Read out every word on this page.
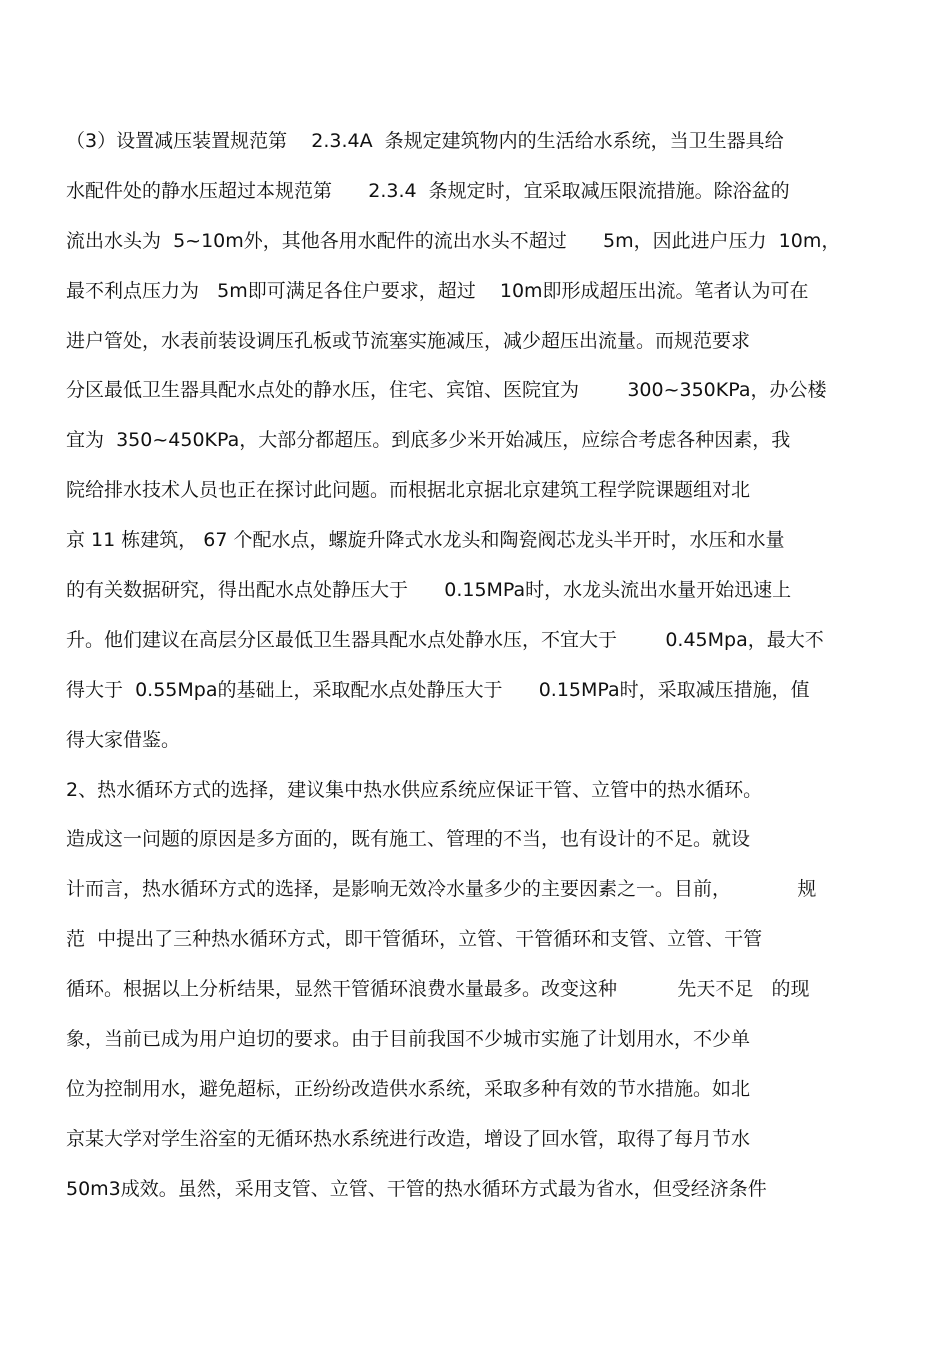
（3）设置减压装置规范第    2.3.4A  条规定建筑物内的生活给水系统，当卫生器具给
水配件处的静水压超过本规范第      2.3.4  条规定时，宜采取减压限流措施。除浴盆的
流出水头为  5~10m外，其他各用水配件的流出水头不超过      5m，因此进户压力  10m，
最不利点压力为   5m即可满足各住户要求，超过    10m即形成超压出流。笔者认为可在
进户管处，水表前装设调压孔板或节流塞实施减压，减少超压出流量。而规范要求
分区最低卫生器具配水点处的静水压，住宅、宾馆、医院宜为        300~350KPa，办公楼
宜为  350~450KPa，大部分都超压。到底多少米开始减压，应综合考虑各种因素，我
院给排水技术人员也正在探讨此问题。而根据北京据北京建筑工程学院课题组对北
京 11 栋建筑， 67 个配水点，螺旋升降式水龙头和陶瓷阀芯龙头半开时，水压和水量
的有关数据研究，得出配水点处静压大于      0.15MPa时，水龙头流出水量开始迅速上
升。他们建议在高层分区最低卫生器具配水点处静水压，不宜大于        0.45Mpa，最大不
得大于  0.55Mpa的基础上，采取配水点处静压大于      0.15MPa时，采取减压措施，值
得大家借鉴。
2、热水循环方式的选择，建议集中热水供应系统应保证干管、立管中的热水循环。
造成这一问题的原因是多方面的，既有施工、管理的不当，也有设计的不足。就设
计而言，热水循环方式的选择，是影响无效冷水量多少的主要因素之一。目前，           规
范  中提出了三种热水循环方式，即干管循环，立管、干管循环和支管、立管、干管
循环。根据以上分析结果，显然干管循环浪费水量最多。改变这种          先天不足   的现
象，当前已成为用户迫切的要求。由于目前我国不少城市实施了计划用水，不少单
位为控制用水，避免超标，正纷纷改造供水系统，采取多种有效的节水措施。如北
京某大学对学生浴室的无循环热水系统进行改造，增设了回水管，取得了每月节水
50m3成效。虽然，采用支管、立管、干管的热水循环方式最为省水，但受经济条件
